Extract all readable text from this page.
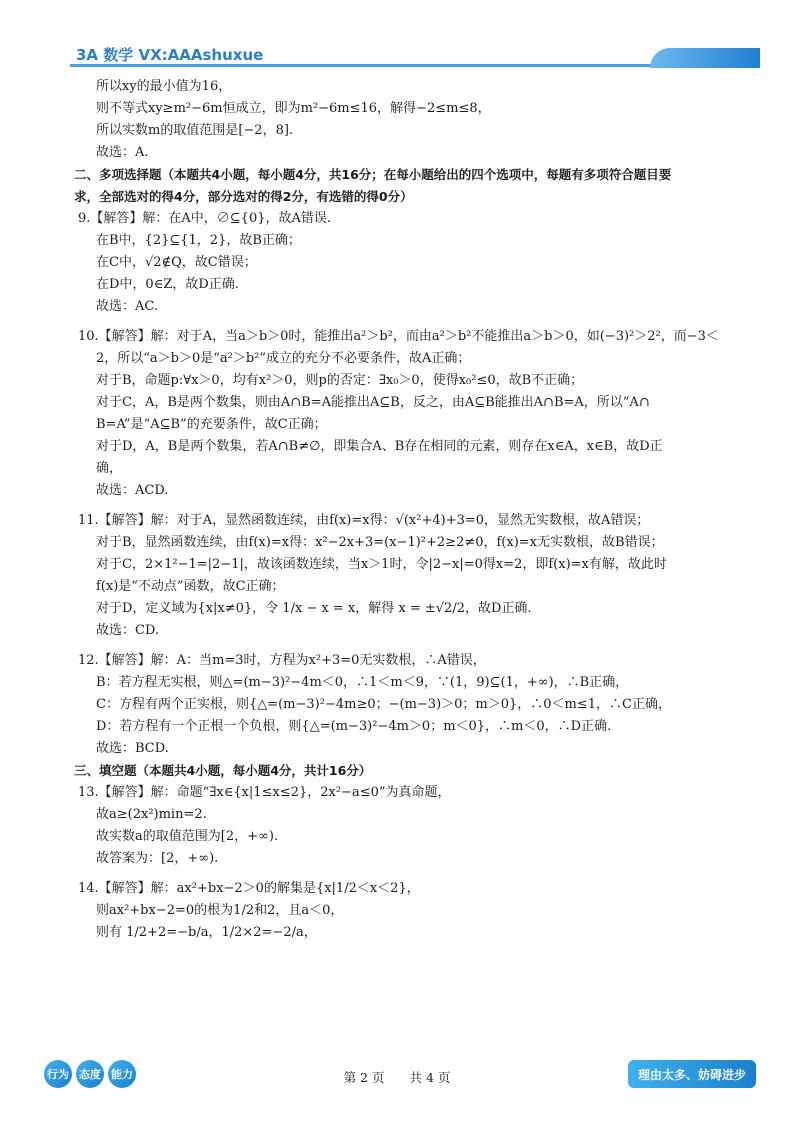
3A 数学 VX:AAAshuxue
所以xy的最小值为16，
则不等式xy≥m²−6m恒成立，即为m²−6m≤16，解得−2≤m≤8，
所以实数m的取值范围是[−2，8].
故选：A.
二、多项选择题（本题共4小题，每小题4分，共16分；在每小题给出的四个选项中，每题有多项符合题目要
求，全部选对的得4分，部分选对的得2分，有选错的得0分）
9.【解答】解：在A中，∅⊆{0}，故A错误.
在B中，{2}⊆{1，2}，故B正确；
在C中，√2∉Q，故C错误；
在D中，0∈Z，故D正确.
故选：AC.
10.【解答】解：对于A，当a＞b＞0时，能推出a²＞b²，而由a²＞b²不能推出a＞b＞0，如(−3)²＞2²，而−3＜
2，所以“a＞b＞0是“a²＞b²”成立的充分不必要条件，故A正确；
对于B，命题p:∀x＞0，均有x²＞0，则p的否定：∃x₀＞0，使得x₀²≤0，故B不正确；
对于C，A，B是两个数集，则由A∩B=A能推出A⊆B，反之，由A⊆B能推出A∩B=A，所以“A∩
B=A”是“A⊆B”的充要条件，故C正确；
对于D，A，B是两个数集，若A∩B≠∅，即集合A、B存在相同的元素，则存在x∈A，x∈B，故D正
确，
故选：ACD.
11.【解答】解：对于A，显然函数连续，由f(x)=x得：√(x²+4)+3=0，显然无实数根，故A错误；
对于B，显然函数连续，由f(x)=x得：x²−2x+3=(x−1)²+2≥2≠0，f(x)=x无实数根，故B错误；
对于C，2×1²−1=|2−1|，故该函数连续，当x＞1时，令|2−x|=0得x=2，即f(x)=x有解，故此时
f(x)是“不动点”函数，故C正确；
对于D，定义域为{x|x≠0}，令 1/x − x = x，解得 x = ±√2/2，故D正确.
故选：CD.
12.【解答】解：A：当m=3时，方程为x²+3=0无实数根，∴A错误，
B：若方程无实根，则△=(m−3)²−4m＜0，∴1＜m＜9，∵(1，9)⊆(1，+∞)，∴B正确，
C：方程有两个正实根，则{△=(m−3)²−4m≥0；−(m−3)＞0；m＞0}，∴0＜m≤1，∴C正确，
D：若方程有一个正根一个负根，则{△=(m−3)²−4m＞0；m＜0}，∴m＜0，∴D正确.
故选：BCD.
三、填空题（本题共4小题，每小题4分，共计16分）
13.【解答】解：命题“∃x∈{x|1≤x≤2}，2x²−a≤0”为真命题，
故a≥(2x²)min=2.
故实数a的取值范围为[2，+∞).
故答案为：[2，+∞).
14.【解答】解：ax²+bx−2＞0的解集是{x|1/2＜x＜2}，
则ax²+bx−2=0的根为1/2和2，且a＜0，
则有 1/2+2=−b/a，1/2×2=−2/a，
行为 态度 能力	第 2 页　　共 4 页	理由太多、妨碍进步
